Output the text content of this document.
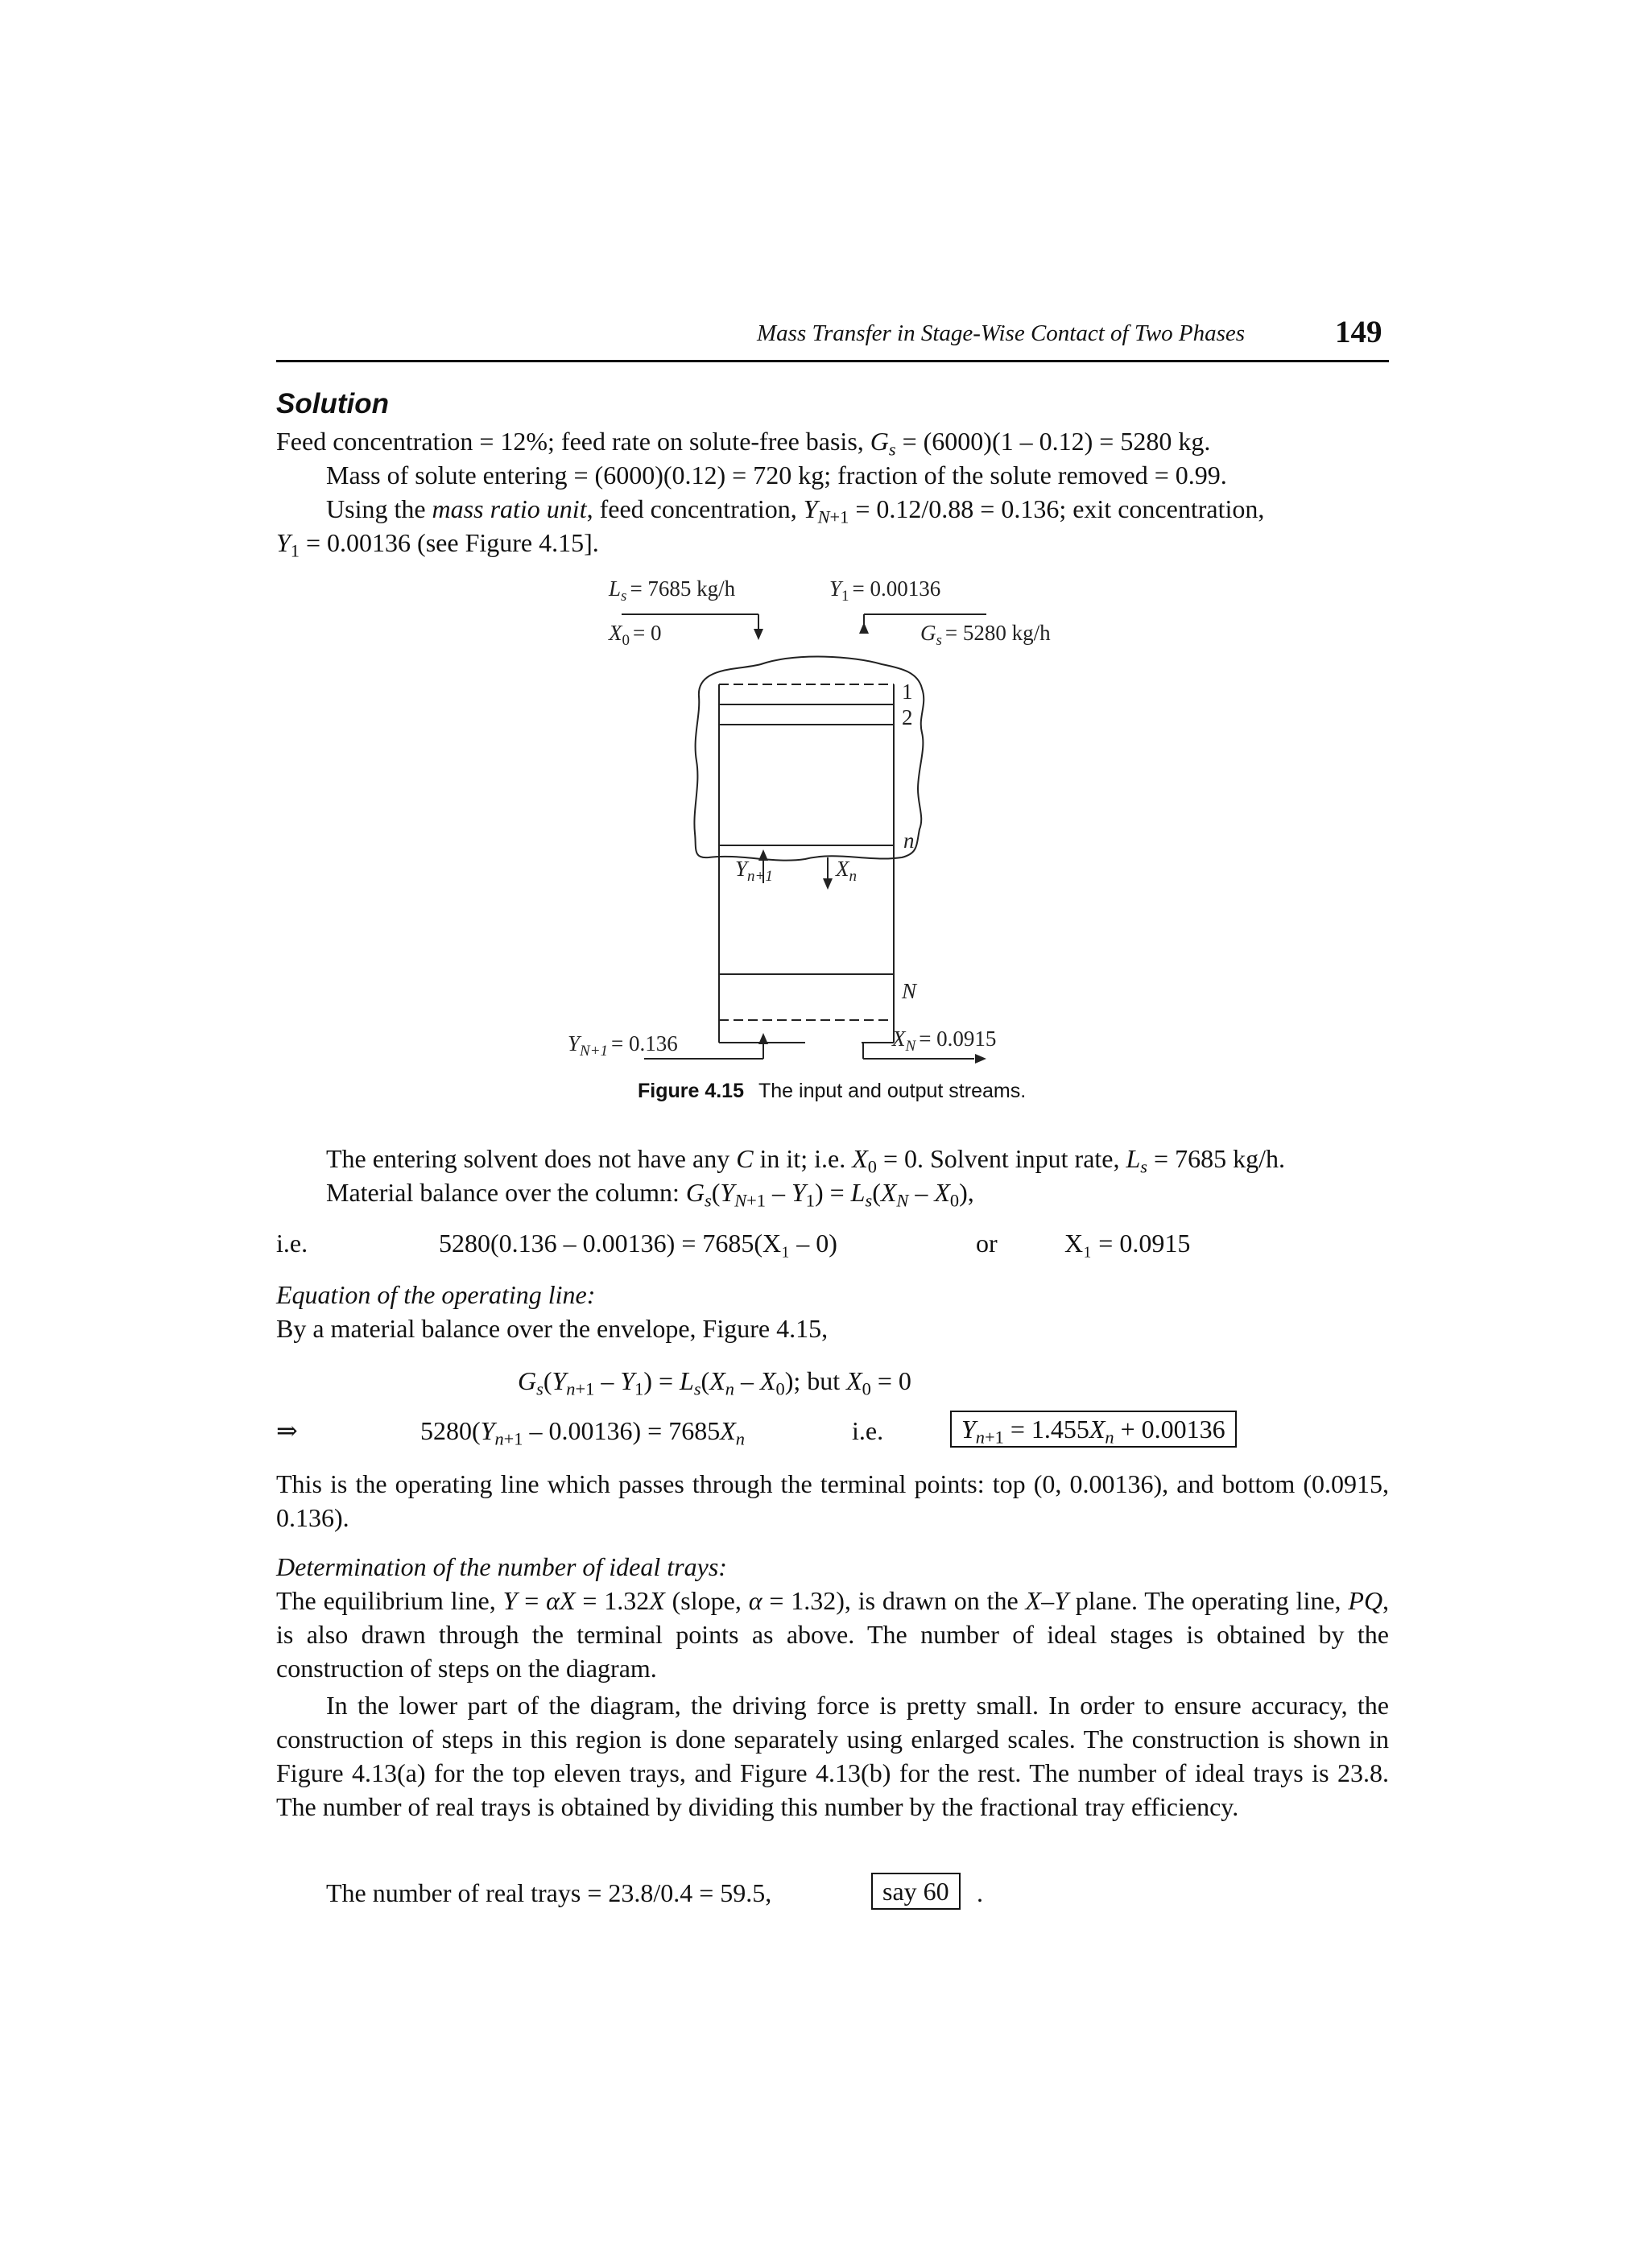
Mass Transfer in Stage-Wise Contact of Two Phases	149
Solution
Feed concentration = 12%; feed rate on solute-free basis, $G_s = (6000)(1 - 0.12) = 5280$ kg.
Mass of solute entering = (6000)(0.12) = 720 kg; fraction of the solute removed = 0.99.
Using the mass ratio unit, feed concentration, $Y_{N+1} = 0.12/0.88 = 0.136$; exit concentration,
$Y_1 = 0.00136$ (see Figure 4.15].
$L_s = 7685$ kg/h
$X_0 = 0$
$Y_1 = 0.00136$
$G_s = 5280$ kg/h
1
2
n
N
$Y_{n+1}$	$X_n$
$Y_{N+1} = 0.136$	$X_N = 0.0915$
Figure 4.15 The input and output streams.
The entering solvent does not have any C in it; i.e. $X_0 = 0$. Solvent input rate, $L_s = 7685$ kg/h.
Material balance over the column: $G_s(Y_{N+1} - Y_1) = L_s(X_N - X_0)$,
i.e.	5280(0.136 – 0.00136) = 7685(X₁ – 0)	or	X₁ = 0.0915
Equation of the operating line:
By a material balance over the envelope, Figure 4.15,
$G_s(Y_{n+1} - Y_1) = L_s(X_n - X_0)$; but $X_0 = 0$
⇒	$5280(Y_{n+1} - 0.00136) = 7685X_n$	i.e.	$Y_{n+1} = 1.455X_n + 0.00136$
This is the operating line which passes through the terminal points: top (0, 0.00136), and bottom (0.0915, 0.136).
Determination of the number of ideal trays:
The equilibrium line, Y = αX = 1.32X (slope, α = 1.32), is drawn on the X–Y plane. The operating line, PQ, is also drawn through the terminal points as above. The number of ideal stages is obtained by the construction of steps on the diagram.
In the lower part of the diagram, the driving force is pretty small. In order to ensure accuracy, the construction of steps in this region is done separately using enlarged scales. The construction is shown in Figure 4.13(a) for the top eleven trays, and Figure 4.13(b) for the rest. The number of ideal trays is 23.8. The number of real trays is obtained by dividing this number by the fractional tray efficiency.
The number of real trays = 23.8/0.4 = 59.5,	say 60	.
